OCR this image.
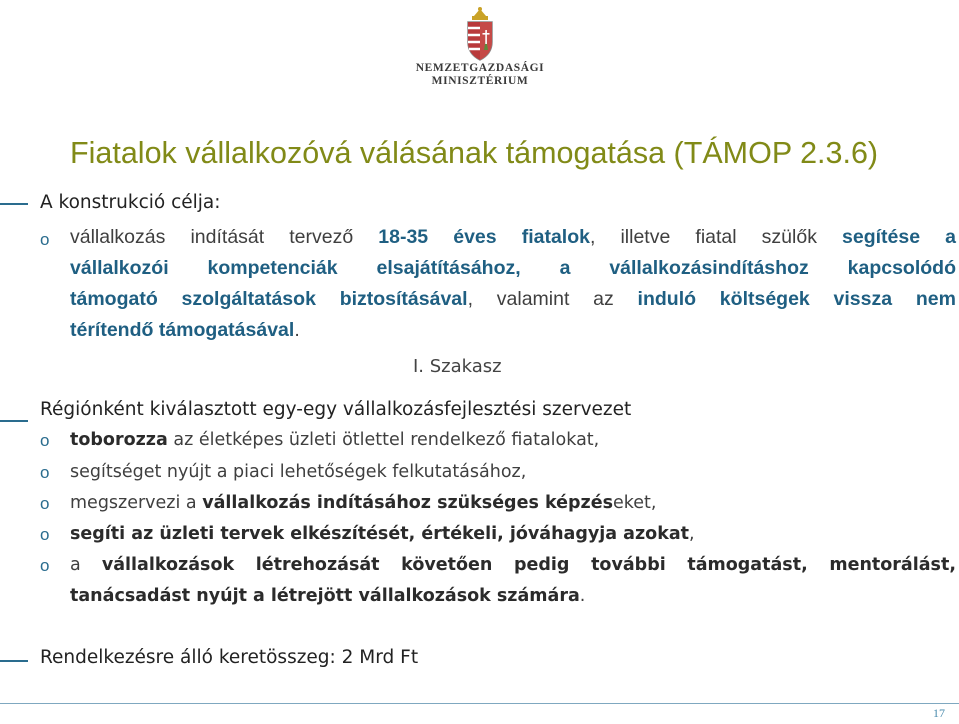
NEMZETGAZDASÁGI
MINISZTÉRIUM
Fiatalok vállalkozóvá válásának támogatása (TÁMOP 2.3.6)
A konstrukció célja:
o vállalkozás indítását tervező 18-35 éves fiatalok, illetve fiatal szülők segítése a
vállalkozói kompetenciák elsajátításához, a vállalkozásindításhoz kapcsolódó
támogató szolgáltatások biztosításával, valamint az induló költségek vissza nem
térítendő támogatásával.
I. Szakasz
Régiónként kiválasztott egy-egy vállalkozásfejlesztési szervezet
o toborozza az életképes üzleti ötlettel rendelkező fiatalokat,
o segítséget nyújt a piaci lehetőségek felkutatásához,
o megszervezi a vállalkozás indításához szükséges képzéseket,
o segíti az üzleti tervek elkészítését, értékeli, jóváhagyja azokat,
o a vállalkozások létrehozását követően pedig további támogatást, mentorálást,
tanácsadást nyújt a létrejött vállalkozások számára.
Rendelkezésre álló keretösszeg: 2 Mrd Ft
17
